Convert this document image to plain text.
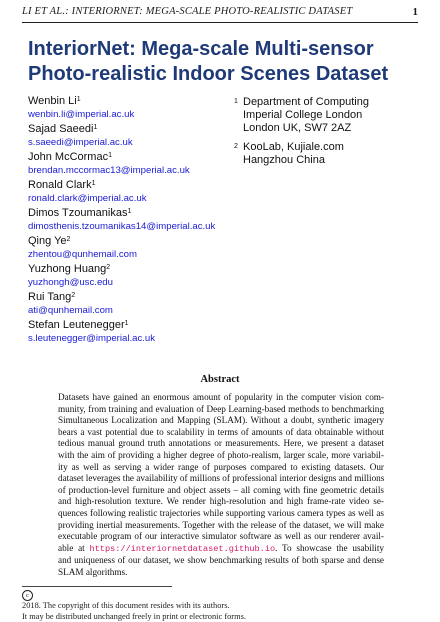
LI ET AL.: INTERIORNET: MEGA-SCALE PHOTO-REALISTIC DATASET	1
InteriorNet: Mega-scale Multi-sensor
Photo-realistic Indoor Scenes Dataset
Wenbin Li$^1$
wenbin.li@imperial.ac.uk
Sajad Saeedi$^1$
s.saeedi@imperial.ac.uk
John McCormac$^1$
brendan.mccormac13@imperial.ac.uk
Ronald Clark$^1$
ronald.clark@imperial.ac.uk
Dimos Tzoumanikas$^1$
dimosthenis.tzoumanikas14@imperial.ac.uk
Qing Ye$^2$
zhentou@qunhemail.com
Yuzhong Huang$^2$
yuzhongh@usc.edu
Rui Tang$^2$
ati@qunhemail.com
Stefan Leutenegger$^1$
s.leutenegger@imperial.ac.uk
1 Department of Computing
Imperial College London
London UK, SW7 2AZ
2 KooLab, Kujiale.com
Hangzhou China
Abstract
Datasets have gained an enormous amount of popularity in the computer vision com-
munity, from training and evaluation of Deep Learning-based methods to benchmarking
Simultaneous Localization and Mapping (SLAM). Without a doubt, synthetic imagery
bears a vast potential due to scalability in terms of amounts of data obtainable without
tedious manual ground truth annotations or measurements. Here, we present a dataset
with the aim of providing a higher degree of photo-realism, larger scale, more variabil-
ity as well as serving a wider range of purposes compared to existing datasets. Our
dataset leverages the availability of millions of professional interior designs and millions
of production-level furniture and object assets – all coming with fine geometric details
and high-resolution texture. We render high-resolution and high frame-rate video se-
quences following realistic trajectories while supporting various camera types as well as
providing inertial measurements. Together with the release of the dataset, we will make
executable program of our interactive simulator software as well as our renderer avail-
able at https://interiornetdataset.github.io. To showcase the usability
and uniqueness of our dataset, we show benchmarking results of both sparse and dense
SLAM algorithms.
c
2018. The copyright of this document resides with its authors.
It may be distributed unchanged freely in print or electronic forms.
